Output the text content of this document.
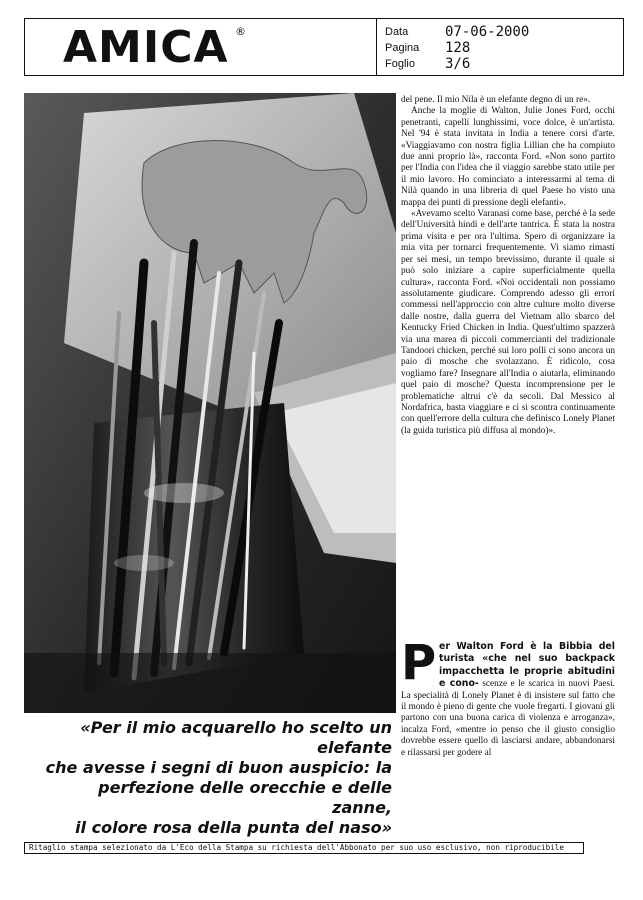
AMICA ®	Data	07-06-2000
Pagina 128
Foglio 3/6
«Per il mio acquarello ho scelto un elefante
che avesse i segni di buon auspicio: la
perfezione delle orecchie e delle zanne,
il colore rosa della punta del naso»

del pene. Il mio Nila è un elefante degno di un re».

Anche la moglie di Walton, Julie Jones Ford, occhi penetranti, capelli lunghissimi, voce dolce, è un'artista. Nel '94 è stata invitata in India a tenere corsi d'arte. «Viaggiavamo con nostra figlia Lillian che ha compiuto due anni proprio là», racconta Ford. «Non sono partito per l'India con l'idea che il viaggio sarebbe stato utile per il mio lavoro. Ho cominciato a interessarmi al tema di Nilà quando in una libreria di quel Paese ho visto una mappa dei punti di pressione degli elefanti».

«Avevamo scelto Varanasi come base, perché è la sede dell'Università hindi e dell'arte tantrica. È stata la nostra prima visita e per ora l'ultima. Spero di organizzare la mia vita per tornarci frequentemente. Vi siamo rimasti per sei mesi, un tempo brevissimo, durante il quale si può solo iniziare a capire superficialmente quella cultura», racconta Ford. «Noi occidentali non possiamo assolutamente giudicare. Comprendo adesso gli errori commessi nell'approccio con altre culture molto diverse dalle nostre, dalla guerra del Vietnam allo sbarco del Kentucky Fried Chicken in India. Quest'ultimo spazzerà via una marea di piccoli commercianti del tradizionale Tandoori chicken, perché sui loro polli ci sono ancora un paio di mosche che svolazzano. È ridicolo, cosa vogliamo fare? Insegnare all'India o aiutarla, eliminando quel paio di mosche? Questa incomprensione per le problematiche altrui c'è da secoli. Dal Messico al Nordafrica, basta viaggiare e ci si scontra continuamente con quell'errore della cultura che definisco Lonely Planet (la guida turistica più diffusa al mondo)».

P er Walton Ford è la Bibbia del turista «che nel suo backpack impacchetta le proprie abitudini e cono- scenze e le scarica in nuovi Paesi. La specialità di Lonely Planet è di insistere sul fatto che il mondo è pieno di gente che vuole fregarti. I giovani gli partono con una buona carica di violenza e arroganza», incalza Ford, «mentre io penso che il giusto consiglio dovrebbe essere quello di lasciarsi andare, abbandonarsi e rilassarsi per godere al
Ritaglio stampa selezionato da L'Eco della Stampa su richiesta dell'Abbonato per suo uso esclusivo, non riproducibile
